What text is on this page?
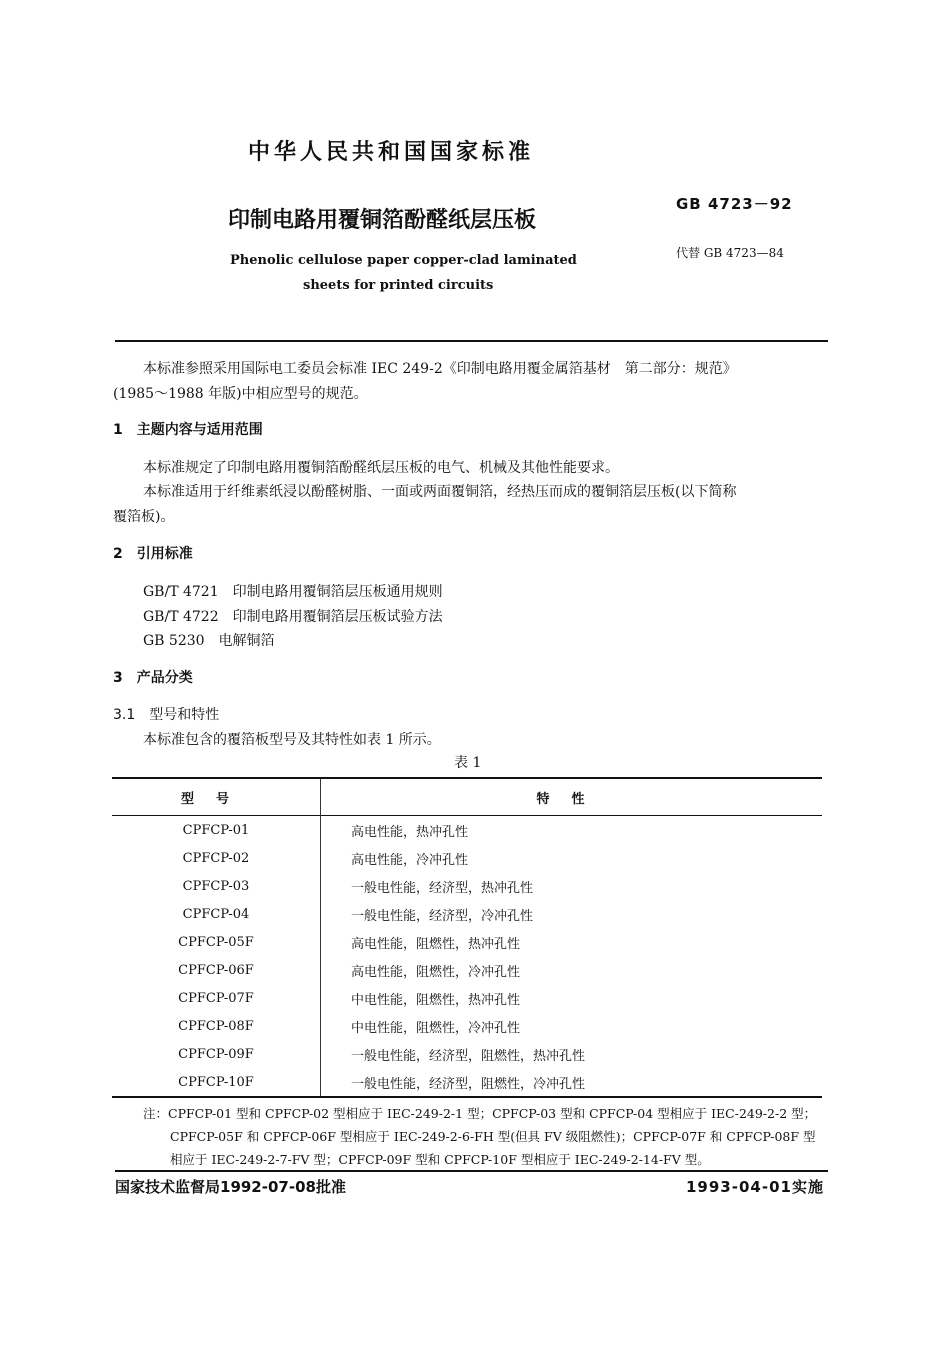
中华人民共和国国家标准
印制电路用覆铜箔酚醛纸层压板
Phenolic cellulose paper copper-clad laminated
sheets for printed circuits
GB 4723－92
代替 GB 4723—84
本标准参照采用国际电工委员会标准 IEC 249-2《印制电路用覆金属箔基材　第二部分：规范》
(1985～1988 年版)中相应型号的规范。
1　主题内容与适用范围
本标准规定了印制电路用覆铜箔酚醛纸层压板的电气、机械及其他性能要求。
本标准适用于纤维素纸浸以酚醛树脂、一面或两面覆铜箔，经热压而成的覆铜箔层压板(以下简称
覆箔板)。
2　引用标准
GB/T 4721　印制电路用覆铜箔层压板通用规则
GB/T 4722　印制电路用覆铜箔层压板试验方法
GB 5230　电解铜箔
3　产品分类
3.1　型号和特性
本标准包含的覆箔板型号及其特性如表 1 所示。
表 1
型号	特性
CPFCP-01	高电性能，热冲孔性
CPFCP-02	高电性能，冷冲孔性
CPFCP-03	一般电性能，经济型，热冲孔性
CPFCP-04	一般电性能，经济型，冷冲孔性
CPFCP-05F	高电性能，阻燃性，热冲孔性
CPFCP-06F	高电性能，阻燃性，冷冲孔性
CPFCP-07F	中电性能，阻燃性，热冲孔性
CPFCP-08F	中电性能，阻燃性，冷冲孔性
CPFCP-09F	一般电性能，经济型，阻燃性，热冲孔性
CPFCP-10F	一般电性能，经济型，阻燃性，冷冲孔性
注：CPFCP-01 型和 CPFCP-02 型相应于 IEC-249-2-1 型；CPFCP-03 型和 CPFCP-04 型相应于 IEC-249-2-2 型；
CPFCP-05F 和 CPFCP-06F 型相应于 IEC-249-2-6-FH 型(但具 FV 级阻燃性)；CPFCP-07F 和 CPFCP-08F 型
相应于 IEC-249-2-7-FV 型；CPFCP-09F 型和 CPFCP-10F 型相应于 IEC-249-2-14-FV 型。
国家技术监督局1992-07-08批准	1993-04-01实施
